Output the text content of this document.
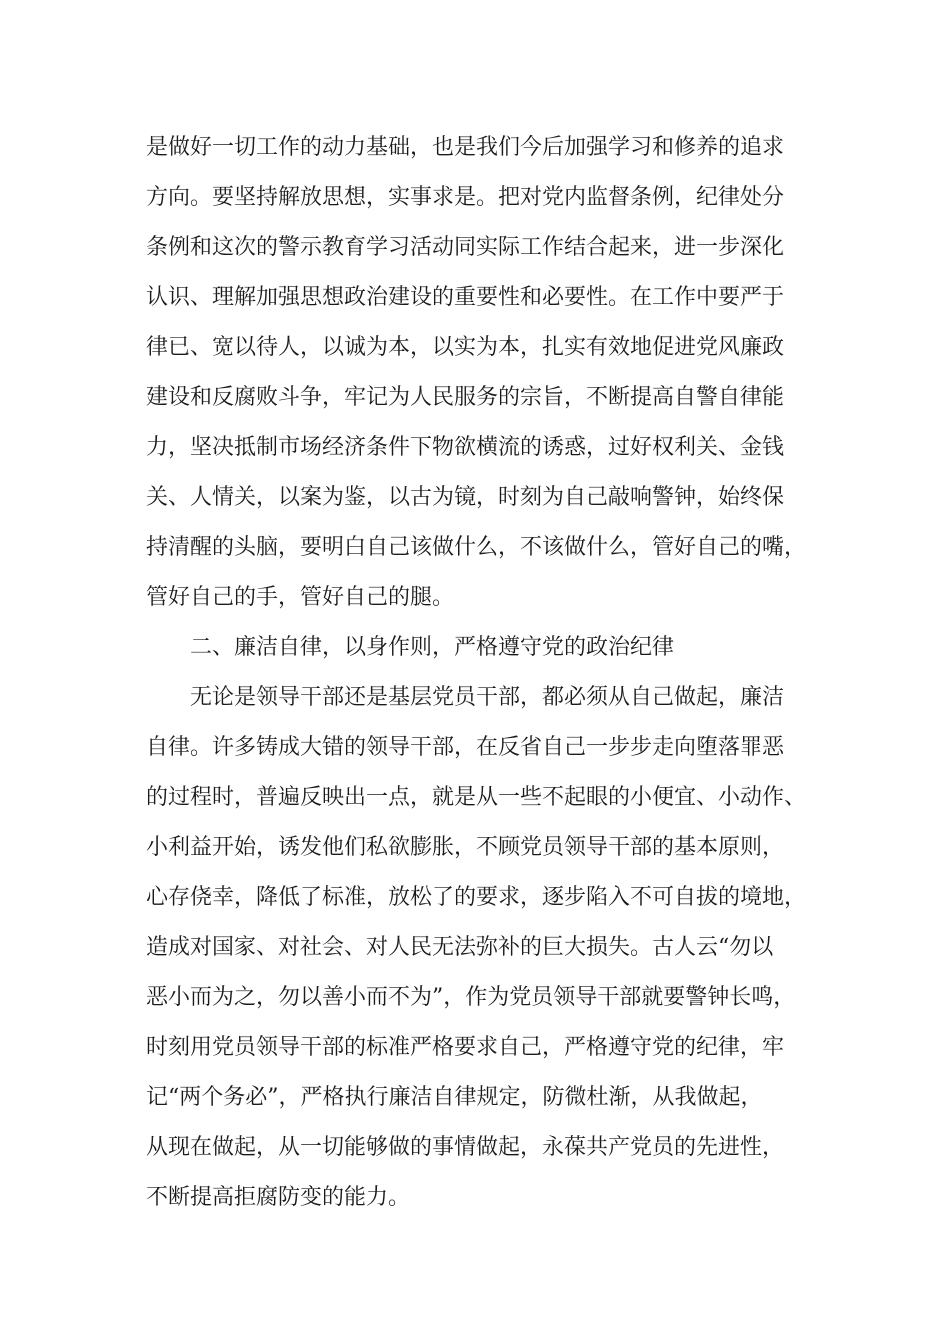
是做好一切工作的动力基础，也是我们今后加强学习和修养的追求
方向。要坚持解放思想，实事求是。把对党内监督条例，纪律处分
条例和这次的警示教育学习活动同实际工作结合起来，进一步深化
认识、理解加强思想政治建设的重要性和必要性。在工作中要严于
律已、宽以待人，以诚为本，以实为本，扎实有效地促进党风廉政
建设和反腐败斗争，牢记为人民服务的宗旨，不断提高自警自律能
力，坚决抵制市场经济条件下物欲横流的诱惑，过好权利关、金钱
关、人情关，以案为鉴，以古为镜，时刻为自己敲响警钟，始终保
持清醒的头脑，要明白自己该做什么，不该做什么，管好自己的嘴，
管好自己的手，管好自己的腿。
二、廉洁自律，以身作则，严格遵守党的政治纪律
无论是领导干部还是基层党员干部，都必须从自己做起，廉洁
自律。许多铸成大错的领导干部，在反省自己一步步走向堕落罪恶
的过程时，普遍反映出一点，就是从一些不起眼的小便宜、小动作、
小利益开始，诱发他们私欲膨胀，不顾党员领导干部的基本原则，
心存侥幸，降低了标准，放松了的要求，逐步陷入不可自拔的境地，
造成对国家、对社会、对人民无法弥补的巨大损失。古人云“勿以
恶小而为之，勿以善小而不为”，作为党员领导干部就要警钟长鸣，
时刻用党员领导干部的标准严格要求自己，严格遵守党的纪律，牢
记“两个务必”，严格执行廉洁自律规定，防微杜渐，从我做起，
从现在做起，从一切能够做的事情做起，永葆共产党员的先进性，
不断提高拒腐防变的能力。
